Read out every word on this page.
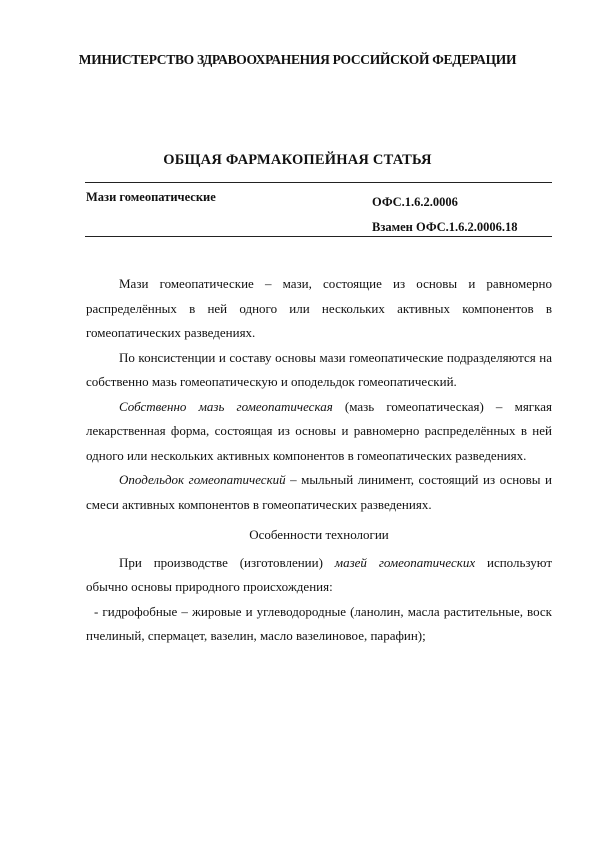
МИНИСТЕРСТВО ЗДРАВООХРАНЕНИЯ РОССИЙСКОЙ ФЕДЕРАЦИИ
ОБЩАЯ ФАРМАКОПЕЙНАЯ СТАТЬЯ
Мази гомеопатические	ОФС.1.6.2.0006
Взамен ОФС.1.6.2.0006.18

Мази гомеопатические – мази, состоящие из основы и равномерно распределённых в ней одного или нескольких активных компонентов в гомеопатических разведениях.

По консистенции и составу основы мази гомеопатические подразделяются на собственно мазь гомеопатическую и оподельдок гомеопатический.

Собственно мазь гомеопатическая (мазь гомеопатическая) – мягкая лекарственная форма, состоящая из основы и равномерно распределённых в ней одного или нескольких активных компонентов в гомеопатических разведениях.

Оподельдок гомеопатический – мыльный линимент, состоящий из основы и смеси активных компонентов в гомеопатических разведениях.

Особенности технологии

При производстве (изготовлении) мазей гомеопатических используют обычно основы природного происхождения:

- гидрофобные – жировые и углеводородные (ланолин, масла растительные, воск пчелиный, спермацет, вазелин, масло вазелиновое, парафин);
